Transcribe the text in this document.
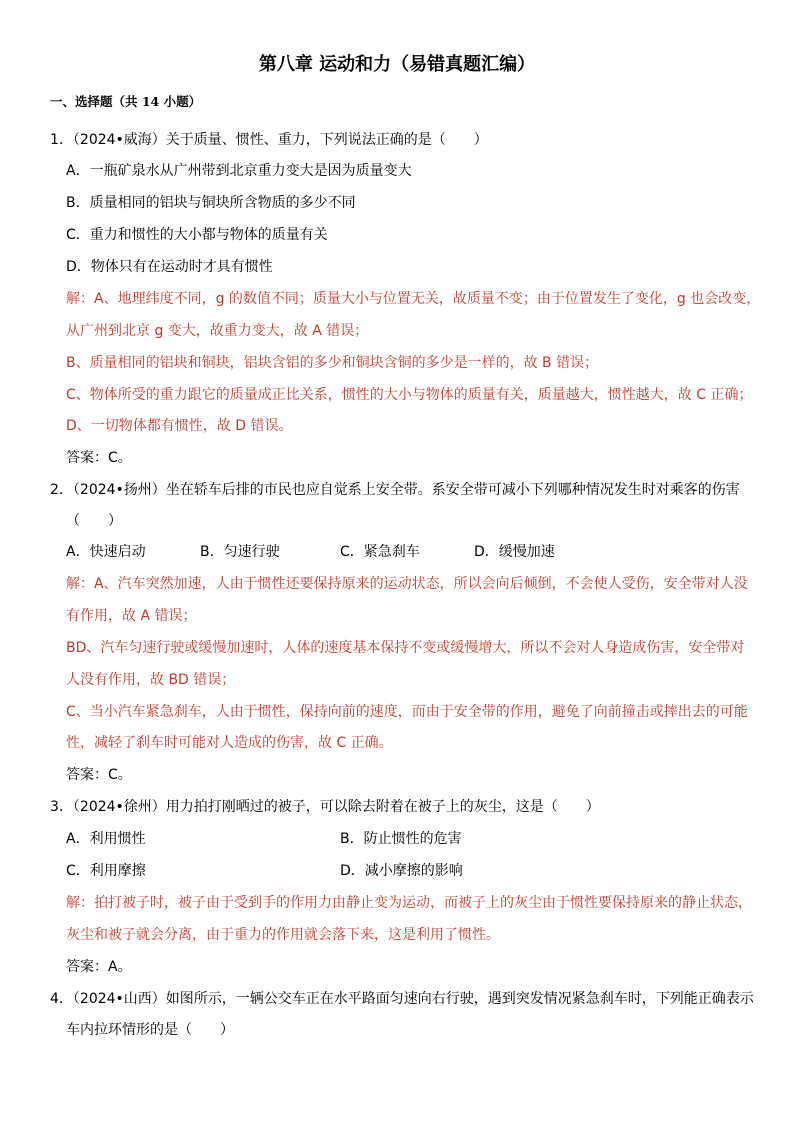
第八章 运动和力（易错真题汇编）
一、选择题（共 14 小题）
1．（2024•威海）关于质量、惯性、重力，下列说法正确的是（　　）
A．一瓶矿泉水从广州带到北京重力变大是因为质量变大
B．质量相同的铝块与铜块所含物质的多少不同
C．重力和惯性的大小都与物体的质量有关
D．物体只有在运动时才具有惯性
解：A、地理纬度不同，g 的数值不同；质量大小与位置无关，故质量不变；由于位置发生了变化，g 也会改变，
从广州到北京 g 变大，故重力变大，故 A 错误；
B、质量相同的铝块和铜块，铝块含铝的多少和铜块含铜的多少是一样的，故 B 错误；
C、物体所受的重力跟它的质量成正比关系，惯性的大小与物体的质量有关，质量越大，惯性越大，故 C 正确；
D、一切物体都有惯性，故 D 错误。
答案：C。
2．（2024•扬州）坐在轿车后排的市民也应自觉系上安全带。系安全带可减小下列哪种情况发生时对乘客的伤害
（　　）
A．快速启动	B．匀速行驶	C．紧急刹车	D．缓慢加速
解：A、汽车突然加速，人由于惯性还要保持原来的运动状态，所以会向后倾倒，不会使人受伤，安全带对人没
有作用，故 A 错误；
BD、汽车匀速行驶或缓慢加速时，人体的速度基本保持不变或缓慢增大，所以不会对人身造成伤害，安全带对
人没有作用，故 BD 错误；
C、当小汽车紧急刹车，人由于惯性，保持向前的速度，而由于安全带的作用，避免了向前撞击或摔出去的可能
性，减轻了刹车时可能对人造成的伤害，故 C 正确。
答案：C。
3．（2024•徐州）用力拍打刚晒过的被子，可以除去附着在被子上的灰尘，这是（　　）
A．利用惯性	B．防止惯性的危害
C．利用摩擦	D．减小摩擦的影响
解：拍打被子时，被子由于受到手的作用力由静止变为运动，而被子上的灰尘由于惯性要保持原来的静止状态，
灰尘和被子就会分离，由于重力的作用就会落下来，这是利用了惯性。
答案：A。
4．（2024•山西）如图所示，一辆公交车正在水平路面匀速向右行驶，遇到突发情况紧急刹车时，下列能正确表示
车内拉环情形的是（　　）
